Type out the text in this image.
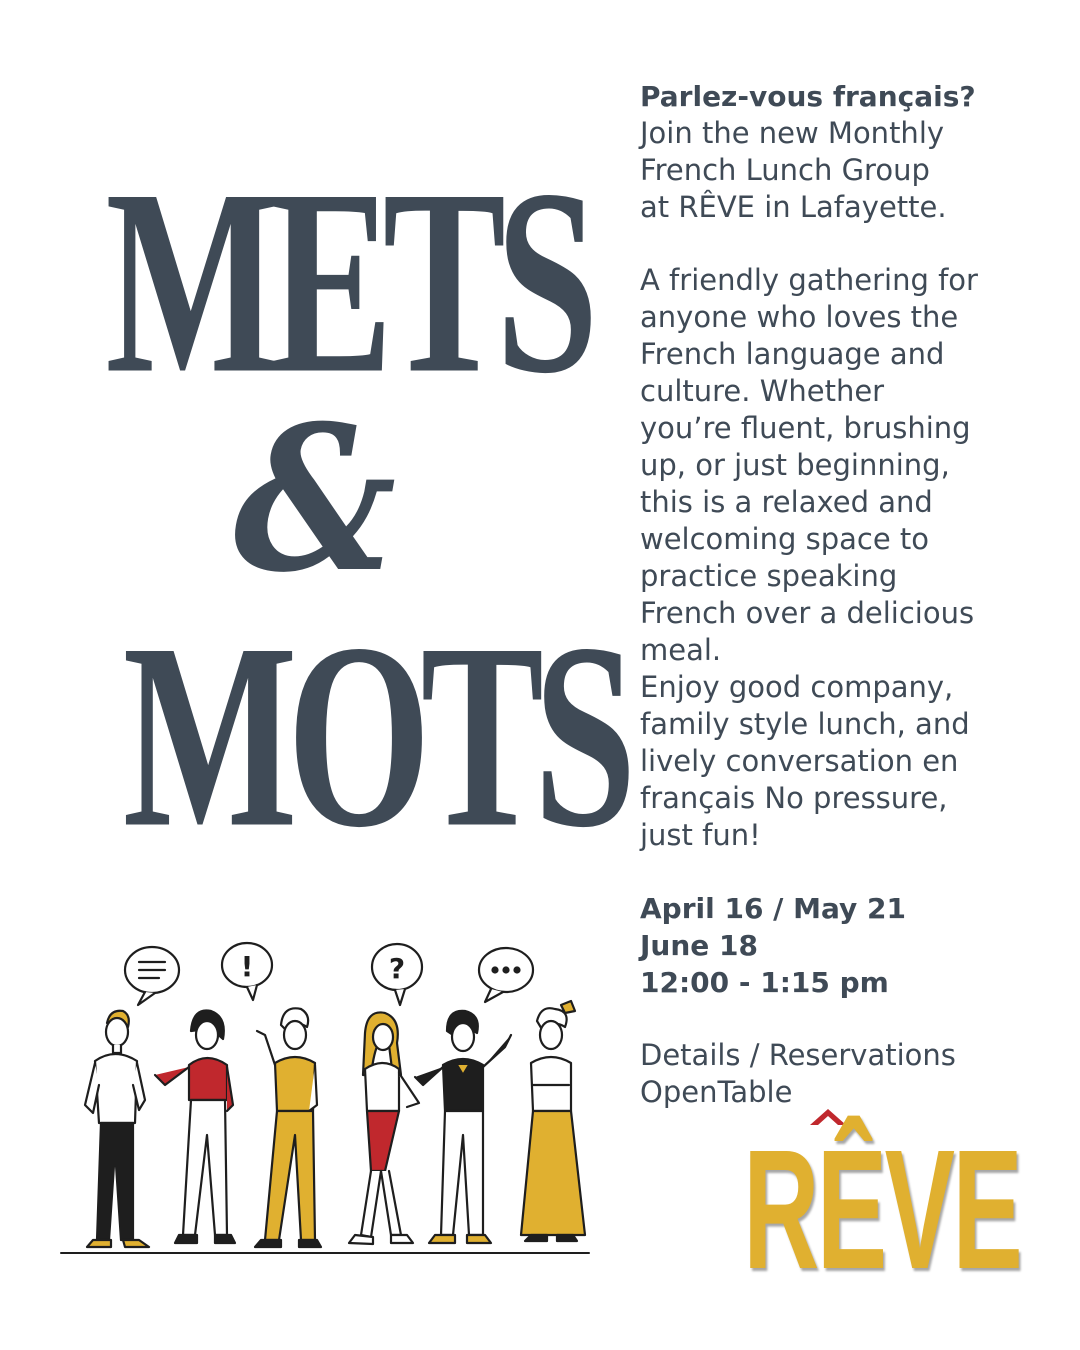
METS
&
MOTS

Parlez-vous français?

Join the new Monthly

French Lunch Group

at RÊVE in Lafayette.

A friendly gathering for

anyone who loves the

French language and

culture. Whether

you’re fluent, brushing

up, or just beginning,

this is a relaxed and

welcoming space to

practice speaking

French over a delicious

meal.

Enjoy good company,

family style lunch, and

lively conversation en

français No pressure,

just fun!

April 16 / May 21

June 18

12:00 - 1:15 pm

Details / Reservations

OpenTable

!	?
RÊVE
